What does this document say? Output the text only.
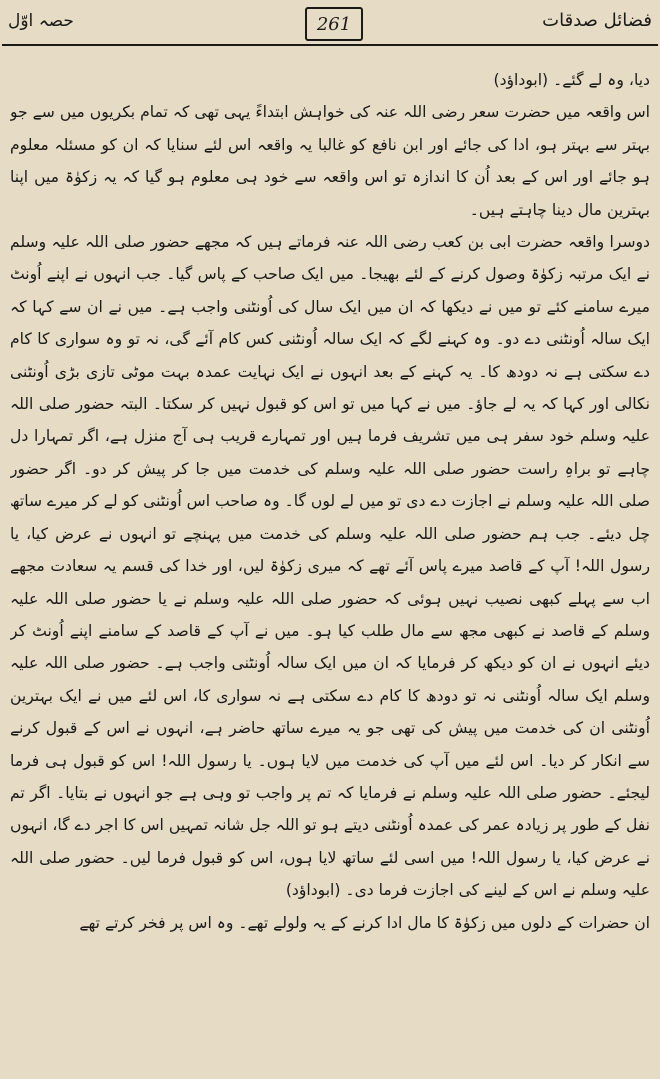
حصہ اوّل	261	فضائل صدقات

دیا، وہ لے گئے۔ (ابوداؤد)

اس واقعہ میں حضرت سعر رضی اللہ عنہ کی خواہش ابتداءً یہی تھی کہ تمام بکریوں میں سے جو بہتر سے بہتر ہو، ادا کی جائے اور ابن نافع کو غالبا یہ واقعہ اس لئے سنایا کہ ان کو مسئلہ معلوم ہو جائے اور اس کے بعد اُن کا اندازہ تو اس واقعہ سے خود ہی معلوم ہو گیا کہ یہ زکوٰۃ میں اپنا بہترین مال دینا چاہتے ہیں۔

دوسرا واقعہ حضرت ابی بن کعب رضی اللہ عنہ فرماتے ہیں کہ مجھے حضور صلی اللہ علیہ وسلم نے ایک مرتبہ زکوٰۃ وصول کرنے کے لئے بھیجا۔ میں ایک صاحب کے پاس گیا۔ جب انہوں نے اپنے اُونٹ میرے سامنے کئے تو میں نے دیکھا کہ ان میں ایک سال کی اُونٹنی واجب ہے۔ میں نے ان سے کہا کہ ایک سالہ اُونٹنی دے دو۔ وہ کہنے لگے کہ ایک سالہ اُونٹنی کس کام آئے گی، نہ تو وہ سواری کا کام دے سکتی ہے نہ دودھ کا۔ یہ کہنے کے بعد انہوں نے ایک نہایت عمدہ بہت موٹی تازی بڑی اُونٹنی نکالی اور کہا کہ یہ لے جاؤ۔ میں نے کہا میں تو اس کو قبول نہیں کر سکتا۔ البتہ حضور صلی اللہ علیہ وسلم خود سفر ہی میں تشریف فرما ہیں اور تمہارے قریب ہی آج منزل ہے، اگر تمہارا دل چاہے تو براہِ راست حضور صلی اللہ علیہ وسلم کی خدمت میں جا کر پیش کر دو۔ اگر حضور صلی اللہ علیہ وسلم نے اجازت دے دی تو میں لے لوں گا۔ وہ صاحب اس اُونٹنی کو لے کر میرے ساتھ چل دیئے۔ جب ہم حضور صلی اللہ علیہ وسلم کی خدمت میں پہنچے تو انہوں نے عرض کیا، یا رسول اللہ! آپ کے قاصد میرے پاس آئے تھے کہ میری زکوٰۃ لیں، اور خدا کی قسم یہ سعادت مجھے اب سے پہلے کبھی نصیب نہیں ہوئی کہ حضور صلی اللہ علیہ وسلم نے یا حضور صلی اللہ علیہ وسلم کے قاصد نے کبھی مجھ سے مال طلب کیا ہو۔ میں نے آپ کے قاصد کے سامنے اپنے اُونٹ کر دیئے انہوں نے ان کو دیکھ کر فرمایا کہ ان میں ایک سالہ اُونٹنی واجب ہے۔ حضور صلی اللہ علیہ وسلم ایک سالہ اُونٹنی نہ تو دودھ کا کام دے سکتی ہے نہ سواری کا، اس لئے میں نے ایک بہترین اُونٹنی ان کی خدمت میں پیش کی تھی جو یہ میرے ساتھ حاضر ہے، انہوں نے اس کے قبول کرنے سے انکار کر دیا۔ اس لئے میں آپ کی خدمت میں لایا ہوں۔ یا رسول اللہ! اس کو قبول ہی فرما لیجئے۔ حضور صلی اللہ علیہ وسلم نے فرمایا کہ تم پر واجب تو وہی ہے جو انہوں نے بتایا۔ اگر تم نفل کے طور پر زیادہ عمر کی عمدہ اُونٹنی دیتے ہو تو اللہ جل شانہ تمہیں اس کا اجر دے گا، انہوں نے عرض کیا، یا رسول اللہ! میں اسی لئے ساتھ لایا ہوں، اس کو قبول فرما لیں۔ حضور صلی اللہ علیہ وسلم نے اس کے لینے کی اجازت فرما دی۔ (ابوداؤد)

ان حضرات کے دلوں میں زکوٰۃ کا مال ادا کرنے کے یہ ولولے تھے۔ وہ اس پر فخر کرتے تھے
